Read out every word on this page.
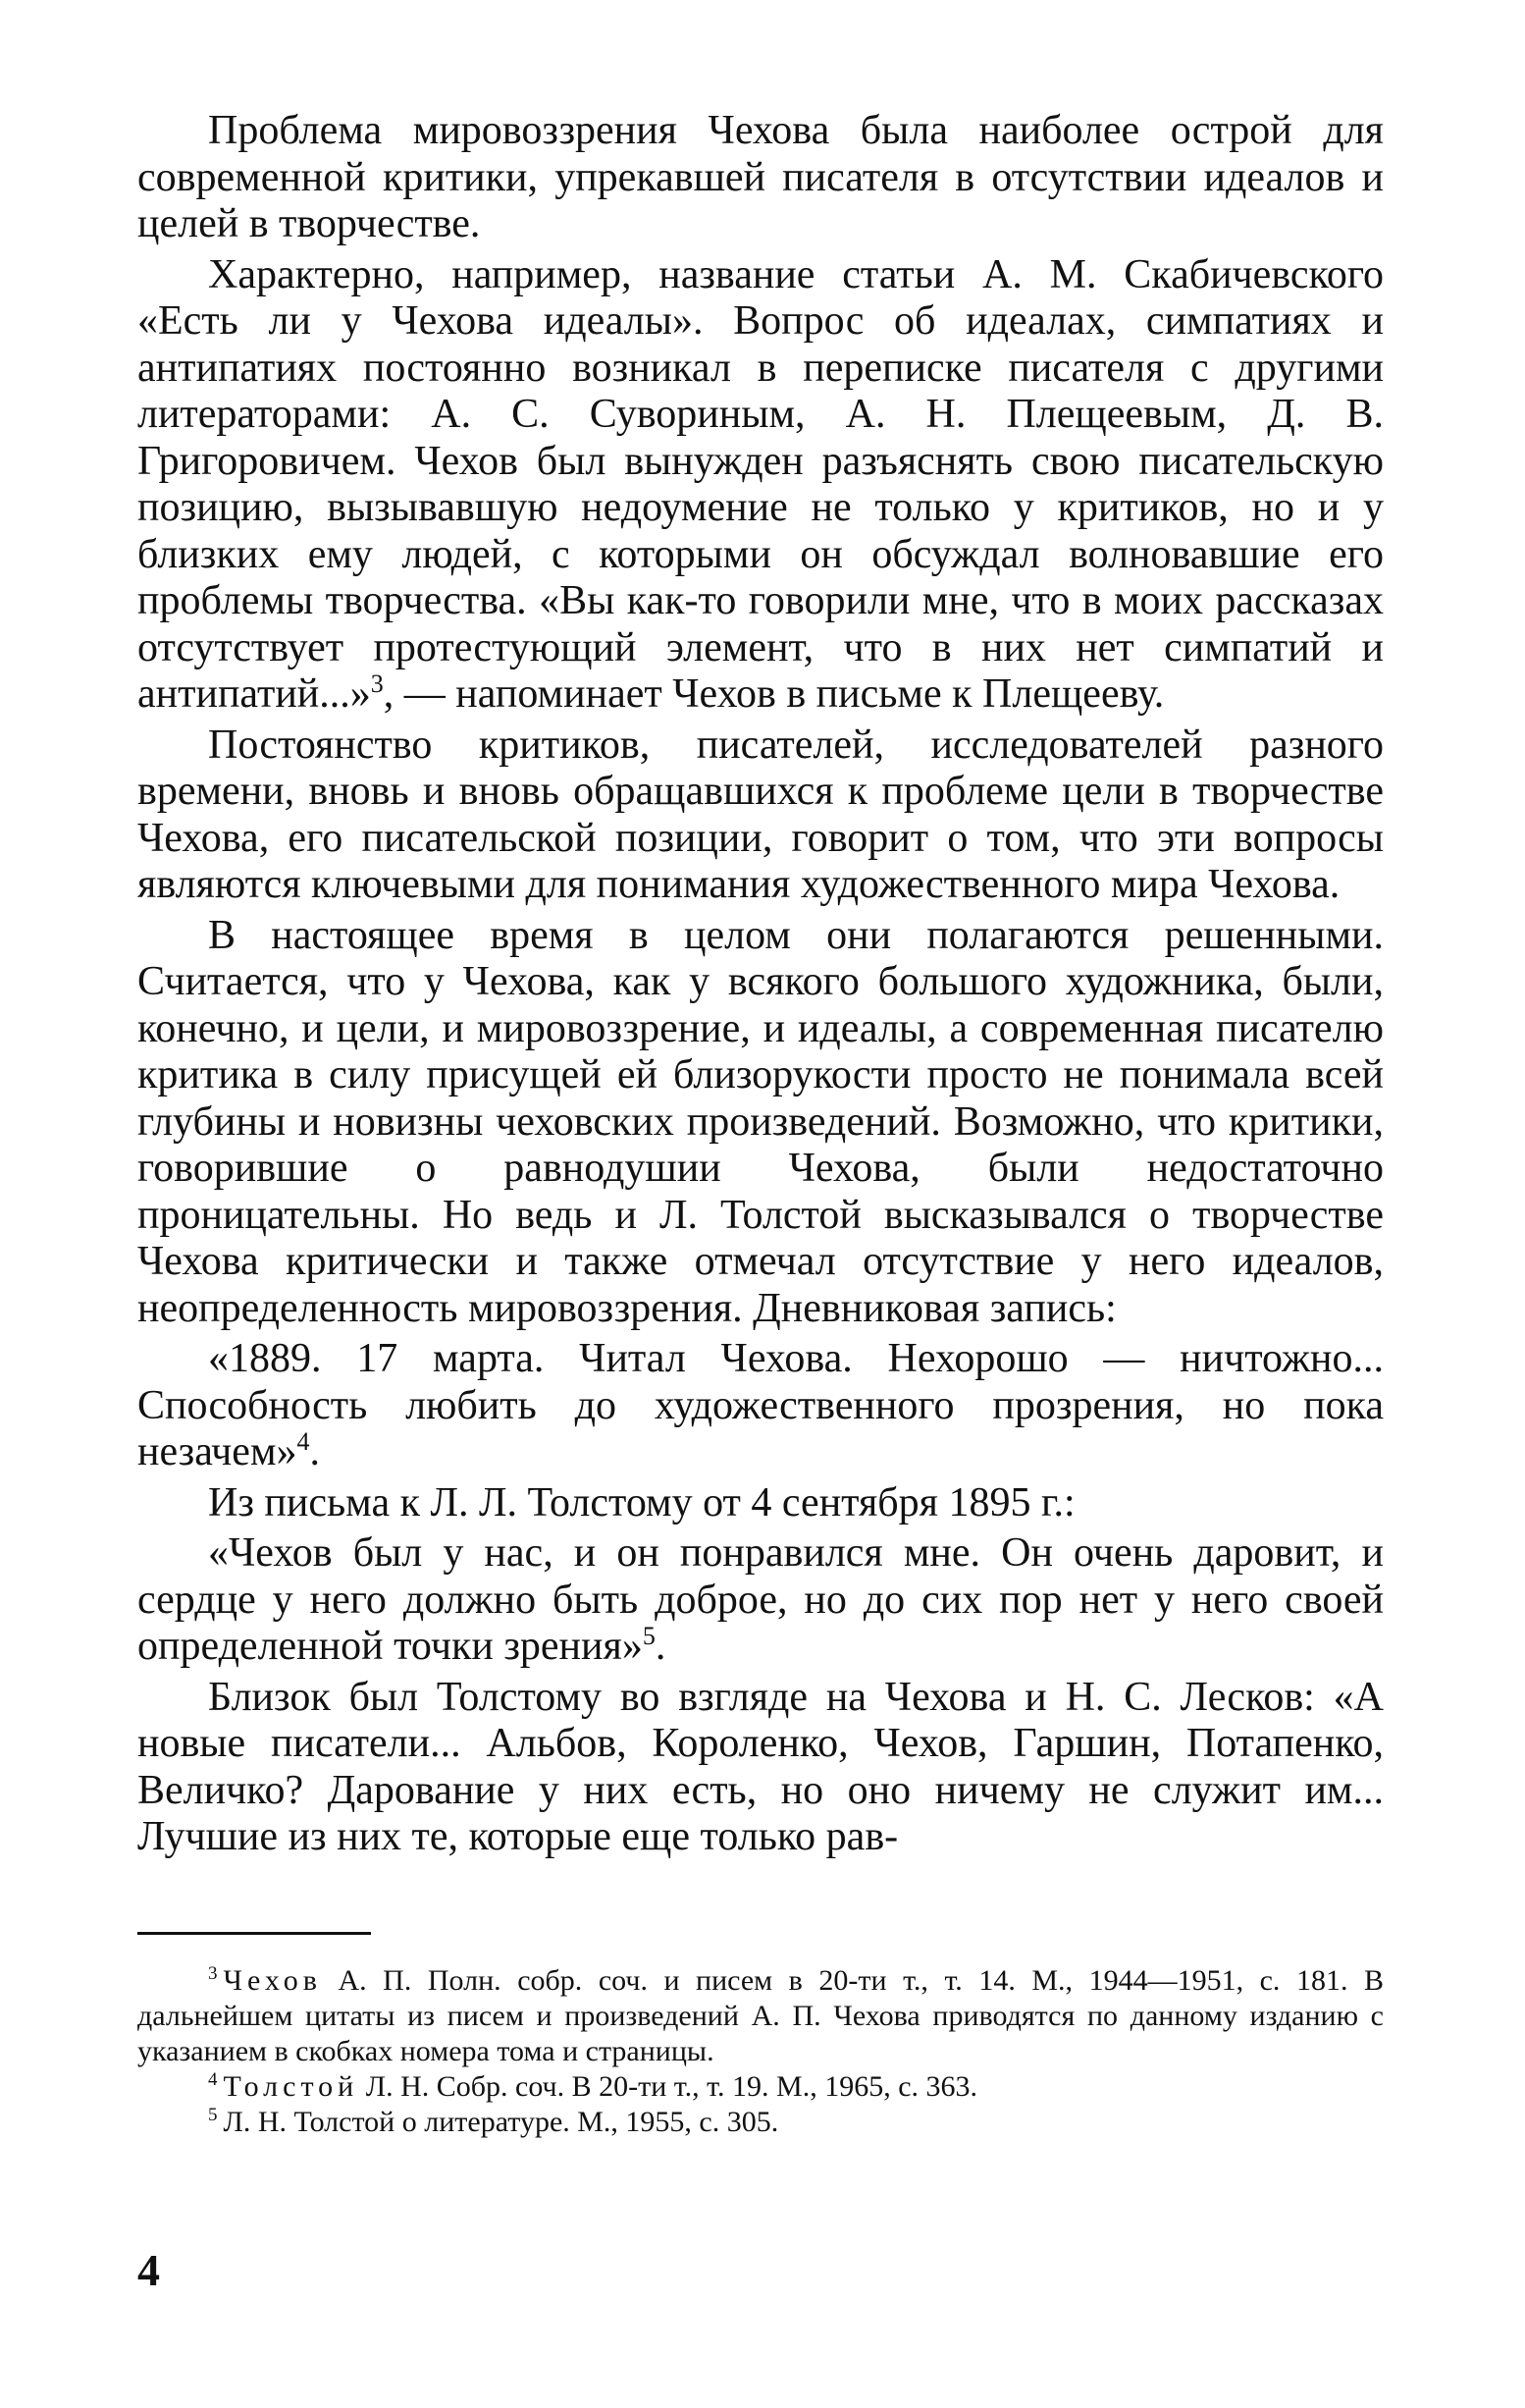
Проблема мировоззрения Чехова была наиболее острой для современной критики, упрекавшей писателя в отсутствии идеалов и целей в творчестве.

Характерно, например, название статьи А. М. Скабичевского «Есть ли у Чехова идеалы». Вопрос об идеалах, симпатиях и антипатиях постоянно возникал в переписке писателя с другими литераторами: А. С. Сувориным, А. Н. Плещеевым, Д. В. Григоровичем. Чехов был вынужден разъяснять свою писательскую позицию, вызывавшую недоумение не только у критиков, но и у близких ему людей, с которыми он обсуждал волновавшие его проблемы творчества. «Вы как-то говорили мне, что в моих рассказах отсутствует протестующий элемент, что в них нет симпатий и антипатий...»$^3$, — напоминает Чехов в письме к Плещееву.

Постоянство критиков, писателей, исследователей разного времени, вновь и вновь обращавшихся к проблеме цели в творчестве Чехова, его писательской позиции, говорит о том, что эти вопросы являются ключевыми для понимания художественного мира Чехова.

В настоящее время в целом они полагаются решенными. Считается, что у Чехова, как у всякого большого художника, были, конечно, и цели, и мировоззрение, и идеалы, а современная писателю критика в силу присущей ей близорукости просто не понимала всей глубины и новизны чеховских произведений. Возможно, что критики, говорившие о равнодушии Чехова, были недостаточно проницательны. Но ведь и Л. Толстой высказывался о творчестве Чехова критически и также отмечал отсутствие у него идеалов, неопределенность мировоззрения. Дневниковая запись:

«1889. 17 марта. Читал Чехова. Нехорошо — ничтожно... Способность любить до художественного прозрения, но пока незачем»$^4$.

Из письма к Л. Л. Толстому от 4 сентября 1895 г.:

«Чехов был у нас, и он понравился мне. Он очень даровит, и сердце у него должно быть доброе, но до сих пор нет у него своей определенной точки зрения»$^5$.

Близок был Толстому во взгляде на Чехова и Н. С. Лесков: «А новые писатели... Альбов, Короленко, Чехов, Гаршин, Потапенко, Величко? Дарование у них есть, но оно ничему не служит им... Лучшие из них те, которые еще только рав-

$^3$ Чехов А. П. Полн. собр. соч. и писем в 20-ти т., т. 14. М., 1944—1951, с. 181. В дальнейшем цитаты из писем и произведений А. П. Чехова приводятся по данному изданию с указанием в скобках номера тома и страницы.

$^4$ Толстой Л. Н. Собр. соч. В 20-ти т., т. 19. М., 1965, с. 363.

$^5$ Л. Н. Толстой о литературе. М., 1955, с. 305.

4
